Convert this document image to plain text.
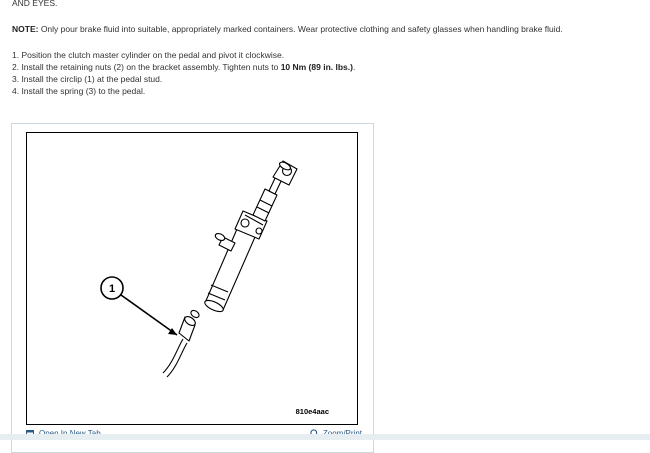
AND EYES.
NOTE: Only pour brake fluid into suitable, appropriately marked containers. Wear protective clothing and safety glasses when handling brake fluid.
1. Position the clutch master cylinder on the pedal and pivot it clockwise.
2. Install the retaining nuts (2) on the bracket assembly. Tighten nuts to 10 Nm (89 in. lbs.).
3. Install the circlip (1) at the pedal stud.
4. Install the spring (3) to the pedal.
1
810e4aac
